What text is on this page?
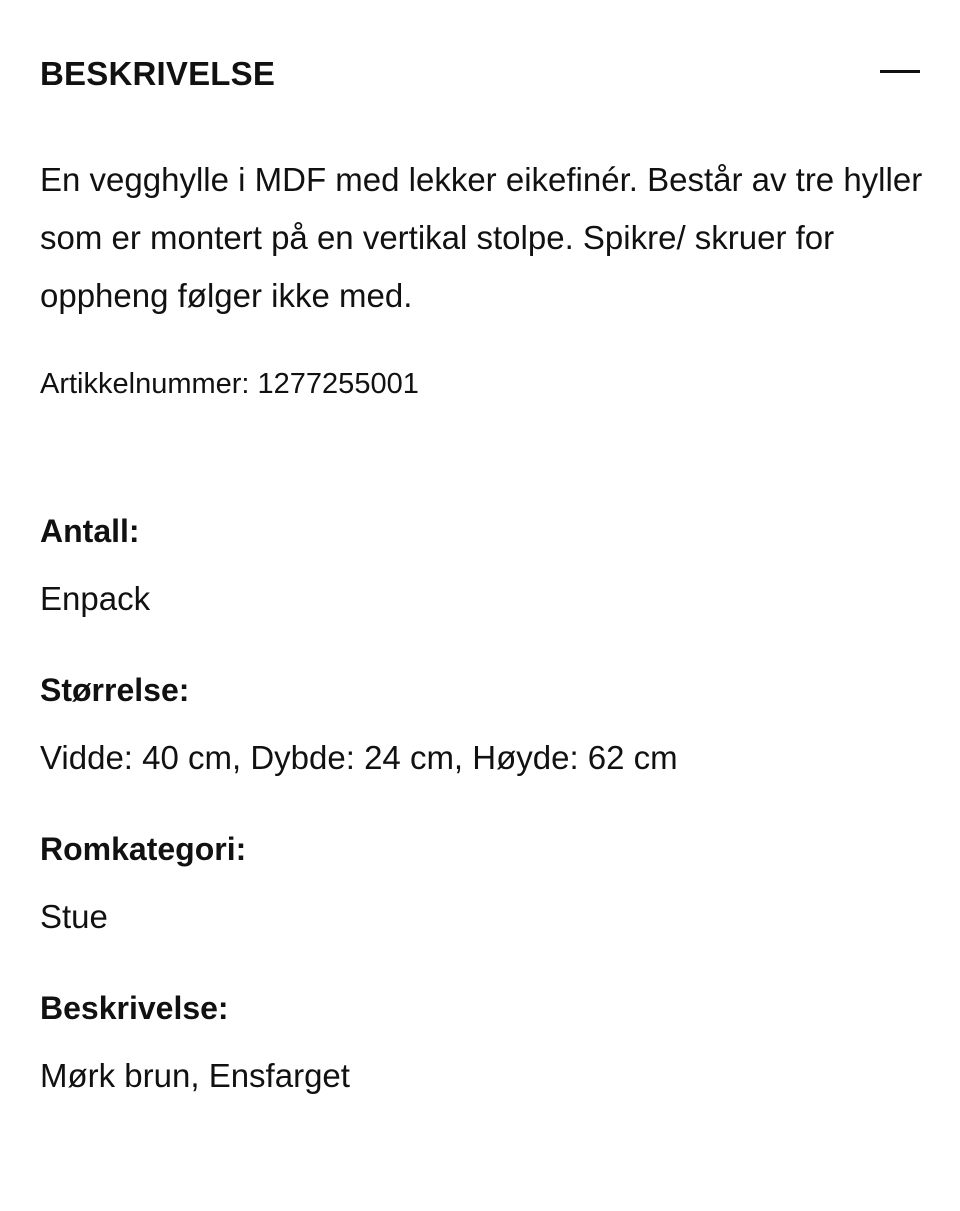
BESKRIVELSE

En vegghylle i MDF med lekker eikefinér. Består av tre hyller som er montert på en vertikal stolpe. Spikre/ skruer for oppheng følger ikke med.

Artikkelnummer: 1277255001

Antall:

Enpack

Størrelse:

Vidde: 40 cm, Dybde: 24 cm, Høyde: 62 cm

Romkategori:

Stue

Beskrivelse:

Mørk brun, Ensfarget
